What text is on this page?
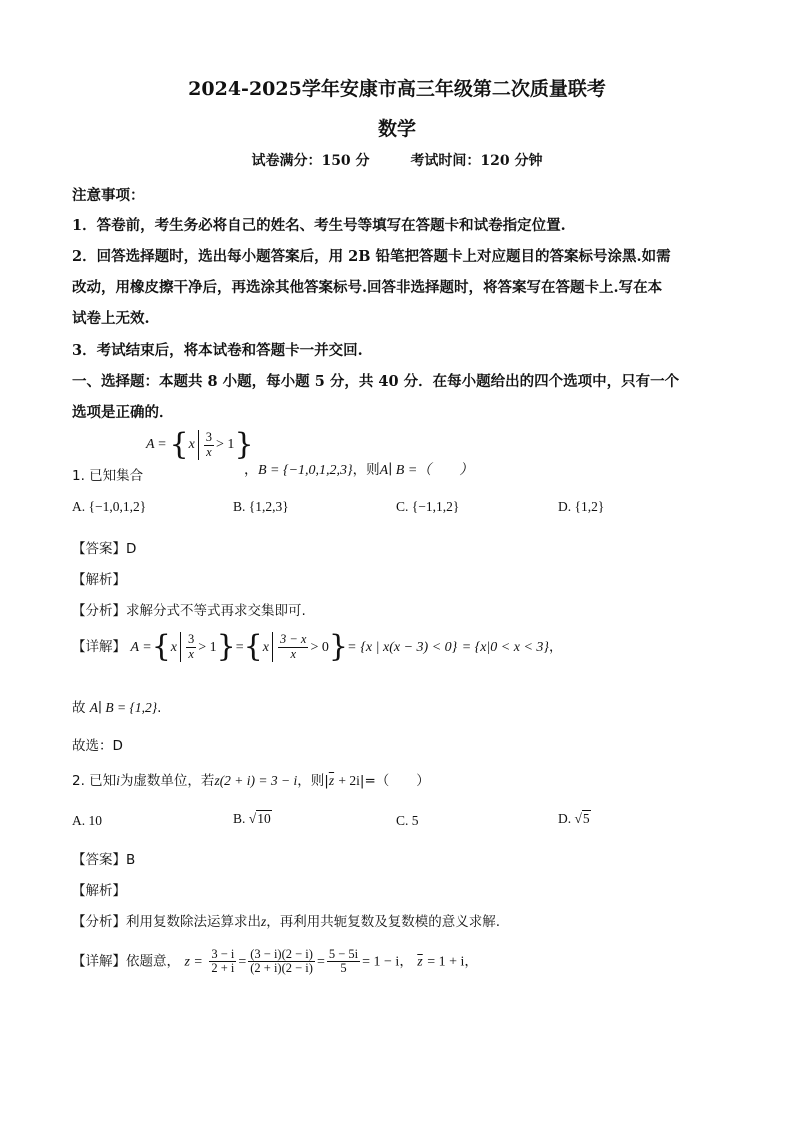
2024-2025学年安康市高三年级第二次质量联考
数学
试卷满分：150 分	考试时间：120 分钟
注意事项：
1．答卷前，考生务必将自己的姓名、考生号等填写在答题卡和试卷指定位置.
2．回答选择题时，选出每小题答案后，用 2B 铅笔把答题卡上对应题目的答案标号涂黑.如需
改动，用橡皮擦干净后，再选涂其他答案标号.回答非选择题时，将答案写在答题卡上.写在本
试卷上无效.
3．考试结束后，将本试卷和答题卡一并交回.
一、选择题：本题共 8 小题，每小题 5 分，共 40 分．在每小题给出的四个选项中，只有一个
选项是正确的．
1. 已知集合
$A = \{x \frac{3}{x} > 1\}$
，B = {−1,0,1,2,3}，则A∣ B =（　　）
A. {−1,0,1,2}	B. {1,2,3}	C. {−1,1,2}	D. {1,2}
【答案】D
【解析】
【分析】求解分式不等式再求交集即可.
【详解】 $A =\{x \frac{3}{x} > 1\}=\{x \frac{3 - x}{x} > 0\}= \{x$ | x(x − 3) < 0} = {x|0 < x < 3}，
故 A∣ B = {1,2}.
故选：D
2. 已知i为虚数单位，若z(2 + i) = 3 − i，则$|\overline{z} + 2i|=$（　　）
A. 10	B. √10	C. 5	D. √5
【答案】B
【解析】
【分析】利用复数除法运算求出z，再利用共轭复数及复数模的意义求解.
【详解】依题意， $z = \frac{3 - i}{2 + i} = \frac{(3 - i)(2 - i)}{(2 + i)(2 - i)} = \frac{5 - 5i}{5} = 1 - i$， $\overline{z} = 1 + i$，
